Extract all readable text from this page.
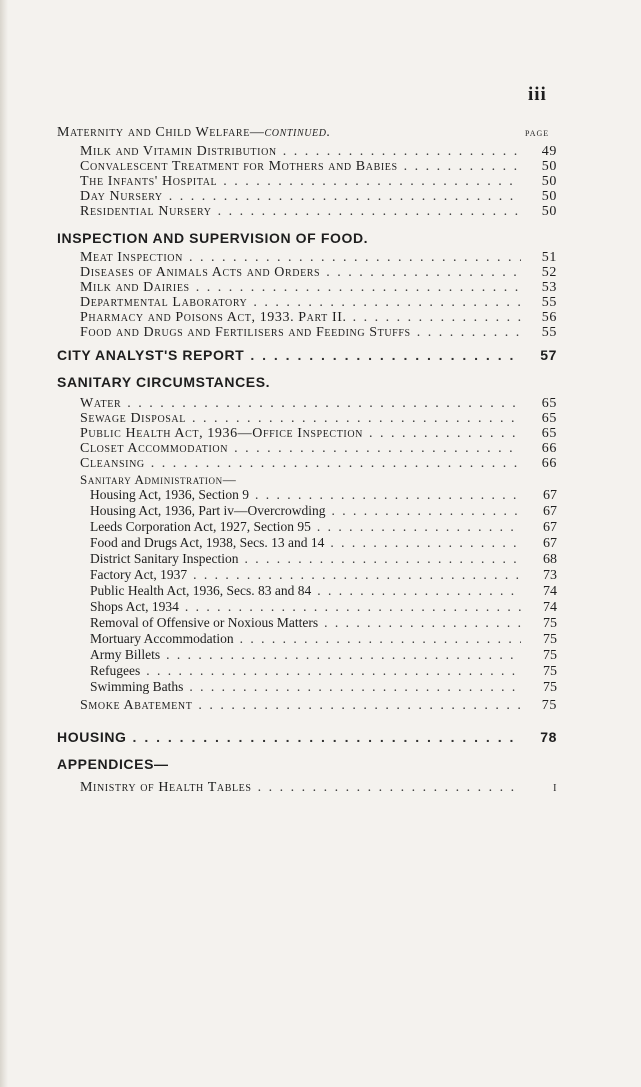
iii
Maternity and Child Welfare—continued.	page
Milk and Vitamin Distribution . . .	49
Convalescent Treatment for Mothers and Babies . . .	50
The Infants' Hospital . . .	50
Day Nursery . . .	50
Residential Nursery . . .	50
INSPECTION AND SUPERVISION OF FOOD.
Meat Inspection . . .	51
Diseases of Animals Acts and Orders . . .	52
Milk and Dairies . . .	53
Departmental Laboratory . . .	55
Pharmacy and Poisons Act, 1933. Part II. . . .	56
Food and Drugs and Fertilisers and Feeding Stuffs . . .	55
CITY ANALYST'S REPORT . . .	57
SANITARY CIRCUMSTANCES.
Water . . .	65
Sewage Disposal . . .	65
Public Health Act, 1936—Office Inspection . . .	65
Closet Accommodation . . .	66
Cleansing . . .	66
Sanitary Administration—
Housing Act, 1936, Section 9 . . .	67
Housing Act, 1936, Part iv—Overcrowding . . .	67
Leeds Corporation Act, 1927, Section 95 . . .	67
Food and Drugs Act, 1938, Secs. 13 and 14 . . .	67
District Sanitary Inspection . . .	68
Factory Act, 1937 . . .	73
Public Health Act, 1936, Secs. 83 and 84 . . .	74
Shops Act, 1934 . . .	74
Removal of Offensive or Noxious Matters . . .	75
Mortuary Accommodation . . .	75
Army Billets . . .	75
Refugees . . .	75
Swimming Baths . . .	75
Smoke Abatement . . .	75
HOUSING . . .	78
APPENDICES—
Ministry of Health Tables . . .	i
